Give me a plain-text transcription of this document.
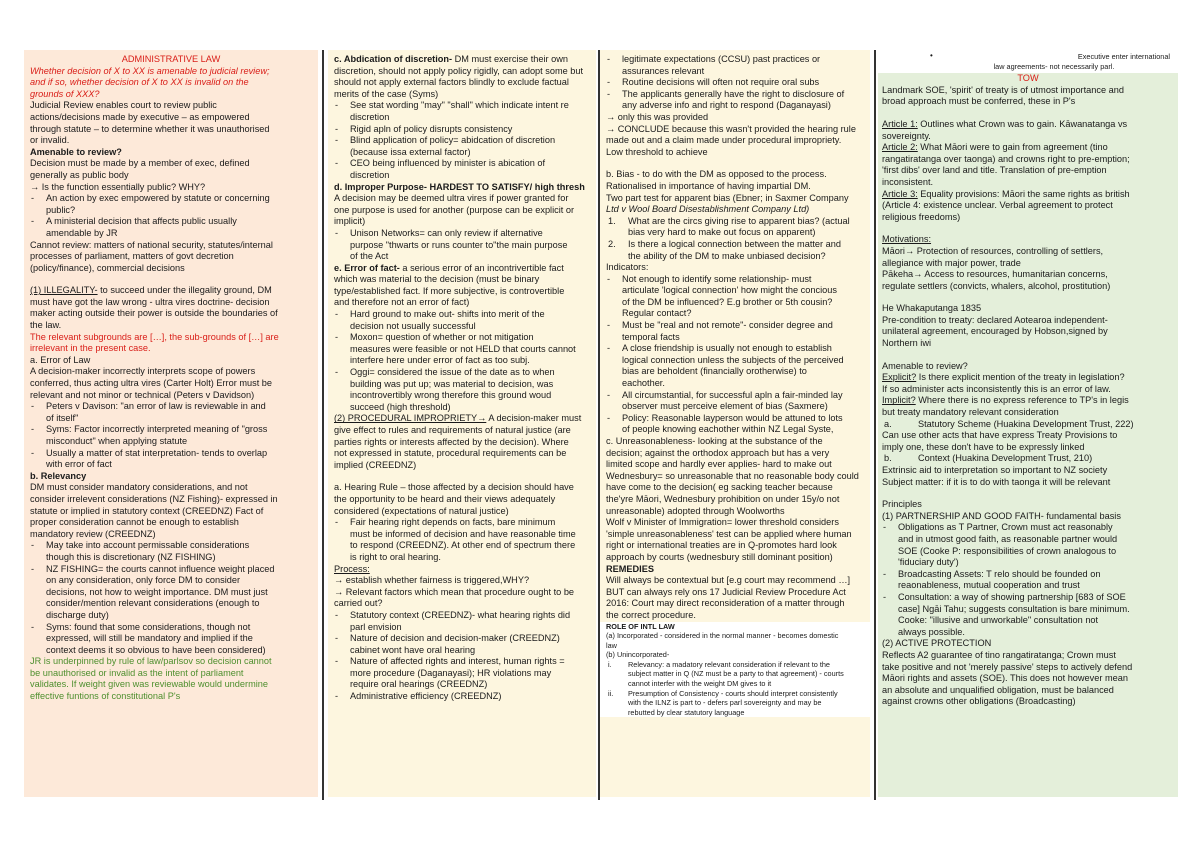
ADMINISTRATIVE LAW
Whether decision of X to XX is amenable to judicial review;
and if so, whether decision of X to XX is invalid on the
grounds of XXX?
Judicial Review enables court to review public
actions/decisions made by executive – as empowered
through statute – to determine whether it was unauthorised
or invalid.
Amenable to review?
Decision must be made by a member of exec, defined
generally as public body
→ Is the function essentially public? WHY?
- An action by exec empowered by statute or concerning
public?
- A ministerial decision that affects public usually
amendable by JR
Cannot review: matters of national security, statutes/internal
processes of parliament, matters of govt decretion
(policy/finance), commercial decisions
(1) ILLEGALITY- to succeed under the illegality ground, DM
must have got the law wrong - ultra vires doctrine- decision
maker acting outside their power is outside the boundaries of
the law.
The relevant subgrounds are […], the sub-grounds of […] are
irrelevant in the present case.
a. Error of Law
A decision-maker incorrectly interprets scope of powers
conferred, thus acting ultra vires (Carter Holt) Error must be
relevant and not minor or technical (Peters v Davidson)
- Peters v Davison: "an error of law is reviewable in and
of itself"
- Syms: Factor incorrectly interpreted meaning of "gross
misconduct" when applying statute
- Usually a matter of stat interpretation- tends to overlap
with error of fact
b. Relevancy
DM must consider mandatory considerations, and not
consider irrelevent considerations (NZ Fishing)- expressed in
statute or implied in statutory context (CREEDNZ) Fact of
proper consideration cannot be enough to establish
mandatory review (CREEDNZ)
- May take into account permissable considerations
though this is discretionary (NZ FISHING)
- NZ FISHING= the courts cannot influence weight placed
on any consideration, only force DM to consider
decisions, not how to weight importance. DM must just
consider/mention relevant considerations (enough to
discharge duty)
- Syms: found that some considerations, though not
expressed, will still be mandatory and implied if the
context deems it so obvious to have been considered)
JR is underpinned by rule of law/parlsov so decision cannot
be unauthorised or invalid as the intent of parliament
validates. If weight given was reviewable would undermine
effective funtions of constitutional P's
c. Abdication of discretion- DM must exercise their own
discretion, should not apply policy rigidly, can adopt some but
should not apply external factors blindly to exclude factual
merits of the case (Syms)
- See stat wording "may" "shall" which indicate intent re
discretion
- Rigid apln of policy disrupts consistency
- Blind application of policy= abidcation of discretion
(because issa external factor)
- CEO being influenced by minister is abication of
discretion
d. Improper Purpose- HARDEST TO SATISFY/ high thresh
A decision may be deemed ultra vires if power granted for
one purpose is used for another (purpose can be explicit or
implicit)
- Unison Networks= can only review if alternative
purpose "thwarts or runs counter to"the main purpose
of the Act
e. Error of fact- a serious error of an incontrivertible fact
which was material to the decision (must be binary
type/established fact. If more subjective, is controvertible
and therefore not an error of fact)
- Hard ground to make out- shifts into merit of the
decision not usually successful
- Moxon= question of whether or not mitigation
measures were feasible or not HELD that courts cannot
interfere here under error of fact as too subj.
- Oggi= considered the issue of the date as to when
building was put up; was material to decision, was
incontrovertibly wrong therefore this ground woud
succeed (high threshold)
(2) PROCEDURAL IMPROPRIETY→ A decision-maker must
give effect to rules and requirements of natural justice (are
parties rights or interests affected by the decision). Where
not expressed in statute, procedural requirements can be
implied (CREEDNZ)
a. Hearing Rule – those affected by a decision should have
the opportunity to be heard and their views adequately
considered (expectations of natural justice)
- Fair hearing right depends on facts, bare minimum
must be informed of decision and have reasonable time
to respond (CREEDNZ). At other end of spectrum there
is right to oral hearing.
Process:
→ establish whether fairness is triggered,WHY?
→ Relevant factors which mean that procedure ought to be
carried out?
- Statutory context (CREEDNZ)- what hearing rights did
parl envision
- Nature of decision and decision-maker (CREEDNZ)
cabinet wont have oral hearing
- Nature of affected rights and interest, human rights =
more procedure (Daganayasi); HR violations may
require oral hearings (CREEDNZ)
- Administrative efficiency (CREEDNZ)
- legitimate expectations (CCSU) past practices or
assurances relevant
- Routine decisions will often not require oral subs
- The applicants generally have the right to disclosure of
any adverse info and right to respond (Daganayasi)
→ only this was provided
→ CONCLUDE because this wasn't provided the hearing rule
made out and a claim made under procedural impropriety.
Low threshold to achieve
b. Bias - to do with the DM as opposed to the process.
Rationalised in importance of having impartial DM.
Two part test for apparent bias (Ebner; in Saxmer Company
Ltd v Wool Board Disestablishment Company Ltd)
1. What are the circs giving rise to apparent bias? (actual
bias very hard to make out focus on apparent)
2. Is there a logical connection between the matter and
the ability of the DM to make unbiased decision?
Indicators:
- Not enough to identify some relationship- must
articulate 'logical connection' how might the concious
of the DM be influenced? E.g brother or 5th cousin?
Regular contact?
- Must be "real and not remote"- consider degree and
temporal facts
- A close friendship is usually not enough to establish
logical connection unless the subjects of the perceived
bias are beholdent (financially orotherwise) to
eachother.
- All circumstantial, for successful apln a fair-minded lay
observer must perceive element of bias (Saxmere)
- Policy: Reasonable layperson would be attuned to lots
of people knowing eachother within NZ Legal Syste,
c. Unreasonableness- looking at the substance of the
decision; against the orthodox approach but has a very
limited scope and hardly ever applies- hard to make out
Wednesbury= so unreasonable that no reasonable body could
have come to the decision( eg sacking teacher because
the'yre Māori, Wednesbury prohibition on under 15y/o not
unreasonable) adopted through Woolworths
Wolf v Minister of Immigration= lower threshold considers
'simple unreasonableness' test can be applied where human
right or international treaties are in Q-promotes hard look
approach by courts (wednesbury still dominant position)
REMEDIES
Will always be contextual but [e.g court may recommend …]
BUT can always rely ons 17 Judicial Review Procedure Act
2016: Court may direct reconsideration of a matter through
the correct procedure.
ROLE OF INTL LAW
(a) Incorporated - considered in the normal manner - becomes domestic
law
(b) Unincorporated-
i. Relevancy: a madatory relevant consideration if relevant to the
subject matter in Q (NZ must be a party to that agreement) - courts
cannot interfer with the weight DM gives to it
ii. Presumption of Consistency - courts should interpret consistently
with the ILNZ is part to - defers parl sovereignty and may be
rebutted by clear statutory language
•	Executive enter international
law agreements- not necessarily parl.
TOW
Landmark SOE, 'spirit' of treaty is of utmost importance and
broad approach must be conferred, these in P's
Article 1: Outlines what Crown was to gain. Kāwanatanga vs
sovereignty.
Article 2: What Māori were to gain from agreement (tino
rangatiratanga over taonga) and crowns right to pre-emption;
'first dibs' over land and title. Translation of pre-emption
inconsistent.
Article 3: Equality provisions: Māori the same rights as british
(Article 4: existence unclear. Verbal agreement to protect
religious freedoms)
Motivations:
Māori→ Protection of resources, controlling of settlers,
allegiance with major power, trade
Pākeha→ Access to resources, humanitarian concerns,
regulate settlers (convicts, whalers, alcohol, prostitution)
He Whakaputanga 1835
Pre-condition to treaty: declared Aotearoa independent-
unilateral agreement, encouraged by Hobson,signed by
Northern iwi
Amenable to review?
Explicit? Is there explicit mention of the treaty in legislation?
If so administer acts inconsistently this is an error of law.
Implicit? Where there is no express reference to TP's in legis
but treaty mandatory relevant consideration
a.	Statutory Scheme (Huakina Development Trust, 222)
Can use other acts that have express Treaty Provisions to
imply one, these don't have to be expressly linked
b.	Context (Huakina Development Trust, 210)
Extrinsic aid to interpretation so important to NZ society
Subject matter: if it is to do with taonga it will be relevant
Principles
(1) PARTNERSHIP AND GOOD FAITH- fundamental basis
- Obligations as T Partner, Crown must act reasonably
and in utmost good faith, as reasonable partner would
SOE (Cooke P: responsibilities of crown analogous to
'fiduciary duty')
- Broadcasting Assets: T relo should be founded on
reaonableness, mutual cooperation and trust
- Consultation: a way of showing partnership [683 of SOE
case] Ngāi Tahu; suggests consultation is bare minimum.
Cooke: "illusive and unworkable" consultation not
always possible.
(2) ACTIVE PROTECTION
Reflects A2 guarantee of tino rangatiratanga; Crown must
take positive and not 'merely passive' steps to actively defend
Māori rights and assets (SOE). This does not however mean
an absolute and unqualified obligation, must be balanced
against crowns other obligations (Broadcasting)
